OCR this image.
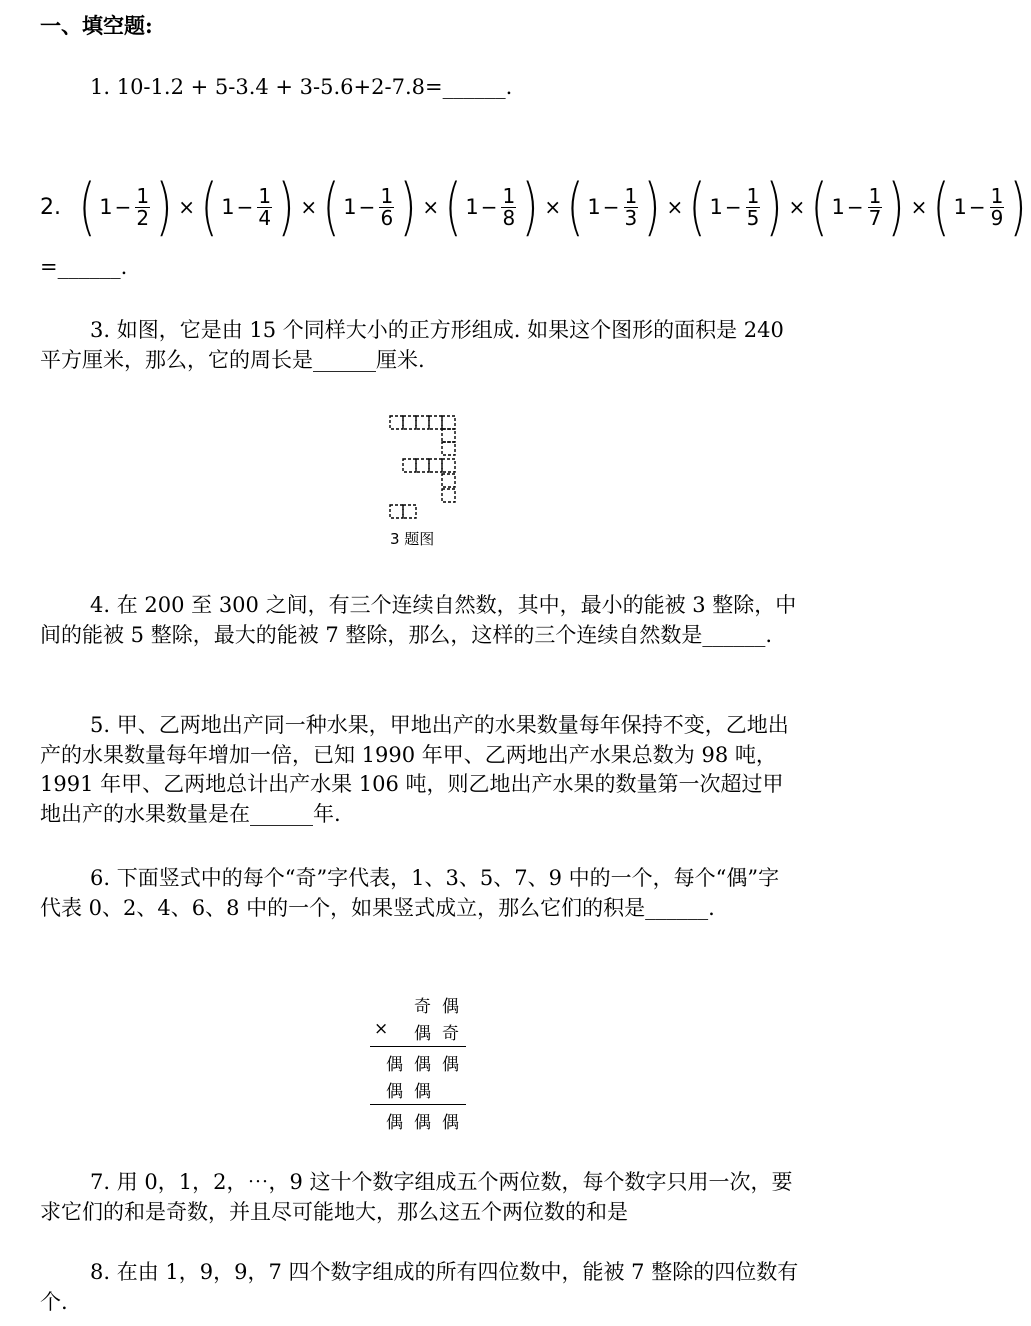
一、填空题:
1. 10-1.2 + 5-3.4 + 3-5.6+2-7.8=______.
2. ( $1 - \frac{1}{2}$ ) × ( $1 - \frac{1}{4}$ ) × ( $1 - \frac{1}{6}$ ) × ( $1 - \frac{1}{8}$ ) × ( $1 - \frac{1}{3}$ ) × ( $1 - \frac{1}{5}$ ) × ( $1 - \frac{1}{7}$ ) × ( $1 - \frac{1}{9}$ )
=______.
3. 如图，它是由 15 个同样大小的正方形组成. 如果这个图形的面积是 240 平方厘米，那么，它的周长是______厘米.
3 题图
4. 在 200 至 300 之间，有三个连续自然数，其中，最小的能被 3 整除，中间的能被 5 整除，最大的能被 7 整除，那么，这样的三个连续自然数是______.
5. 甲、乙两地出产同一种水果，甲地出产的水果数量每年保持不变，乙地出产的水果数量每年增加一倍，已知 1990 年甲、乙两地出产水果总数为 98 吨，1991 年甲、乙两地总计出产水果 106 吨，则乙地出产水果的数量第一次超过甲地出产的水果数量是在______年.
6. 下面竖式中的每个“奇”字代表，1、3、5、7、9 中的一个，每个“偶”字代表 0、2、4、6、8 中的一个，如果竖式成立，那么它们的积是______.
奇 偶
× 偶 奇
偶 偶 偶
偶 偶
偶 偶 偶
7. 用 0，1，2，⋯，9 这十个数字组成五个两位数，每个数字只用一次，要求它们的和是奇数，并且尽可能地大，那么这五个两位数的和是
8. 在由 1，9，9，7 四个数字组成的所有四位数中，能被 7 整除的四位数有个.
